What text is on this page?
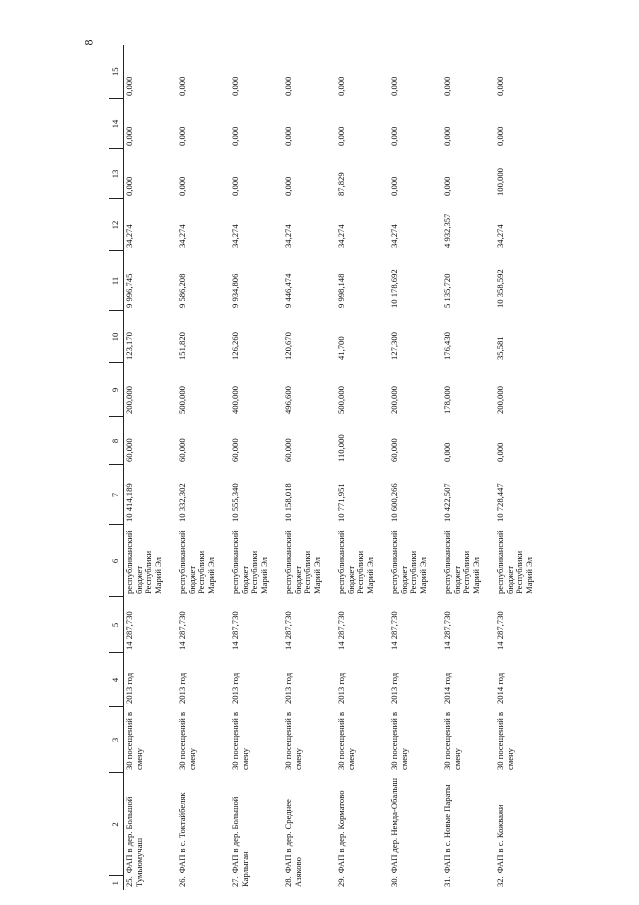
8
1	2	3	4	5	6	7	8	9	10	11	12	13	14	15
25.ФАП в дер. Большой Тумьюмучаш		30 посещений в смену	2013 год	14 287,730	республиканский бюджет Республики Марий Эл	10 414,189	60,000	200,000	123,170	9 996,745	34,274	0,000	0,000	0,000
26.ФАП в с. Токтайбеляк		30 посещений в смену	2013 год	14 287,730	республиканский бюджет Республики Марий Эл	10 332,302	60,000	500,000	151,820	9 586,208	34,274	0,000	0,000	0,000
27.ФАП в дер. Большой Карлыган		30 посещений в смену	2013 год	14 287,730	республиканский бюджет Республики Марий Эл	10 555,340	60,000	400,000	126,260	9 934,806	34,274	0,000	0,000	0,000
28.ФАП в дер. Среднее Азяково		30 посещений в смену	2013 год	14 287,730	республиканский бюджет Республики Марий Эл	10 158,018	60,000	496,600	120,670	9 446,474	34,274	0,000	0,000	0,000
29.ФАП в дер. Корматово		30 посещений в смену	2013 год	14 287,730	республиканский бюджет Республики Марий Эл	10 771,951	110,000	500,000	41,700	9 998,148	34,274	87,829	0,000	0,000
30.ФАП дер. Немда-Обалыш		30 посещений в смену	2013 год	14 287,730	республиканский бюджет Республики Марий Эл	10 600,266	60,000	200,000	127,300	10 178,692	34,274	0,000	0,000	0,000
31.ФАП в с. Новые Параты		30 посещений в смену	2014 год	14 287,730	республиканский бюджет Республики Марий Эл	10 422,507	0,000	178,000	176,430	5 135,720	4 932,357	0,000	0,000	0,000
32.ФАП в с. Кожважи		30 посещений в смену	2014 год	14 287,730	республиканский бюджет Республики Марий Эл	10 728,447	0,000	200,000	35,581	10 358,592	34,274	100,000	0,000	0,000
